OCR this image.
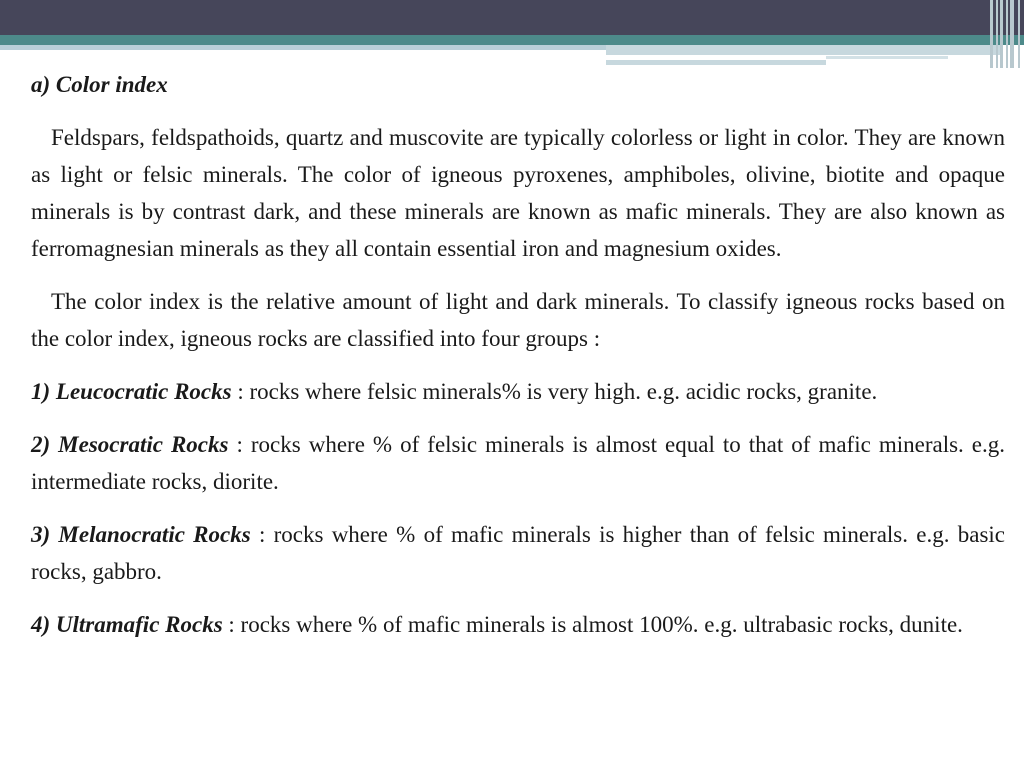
a) Color index

Feldspars, feldspathoids, quartz and muscovite are typically colorless or light in color. They are known as light or felsic minerals. The color of igneous pyroxenes, amphiboles, olivine, biotite and opaque minerals is by contrast dark, and these minerals are known as mafic minerals. They are also known as ferromagnesian minerals as they all contain essential iron and magnesium oxides.

The color index is the relative amount of light and dark minerals. To classify igneous rocks based on the color index, igneous rocks are classified into four groups :

1) Leucocratic Rocks : rocks where felsic minerals% is very high. e.g. acidic rocks, granite.

2) Mesocratic Rocks : rocks where % of felsic minerals is almost equal to that of mafic minerals. e.g. intermediate rocks, diorite.

3) Melanocratic Rocks : rocks where % of mafic minerals is higher than of felsic minerals. e.g. basic rocks, gabbro.

4) Ultramafic Rocks : rocks where % of mafic minerals is almost 100%. e.g. ultrabasic rocks, dunite.
